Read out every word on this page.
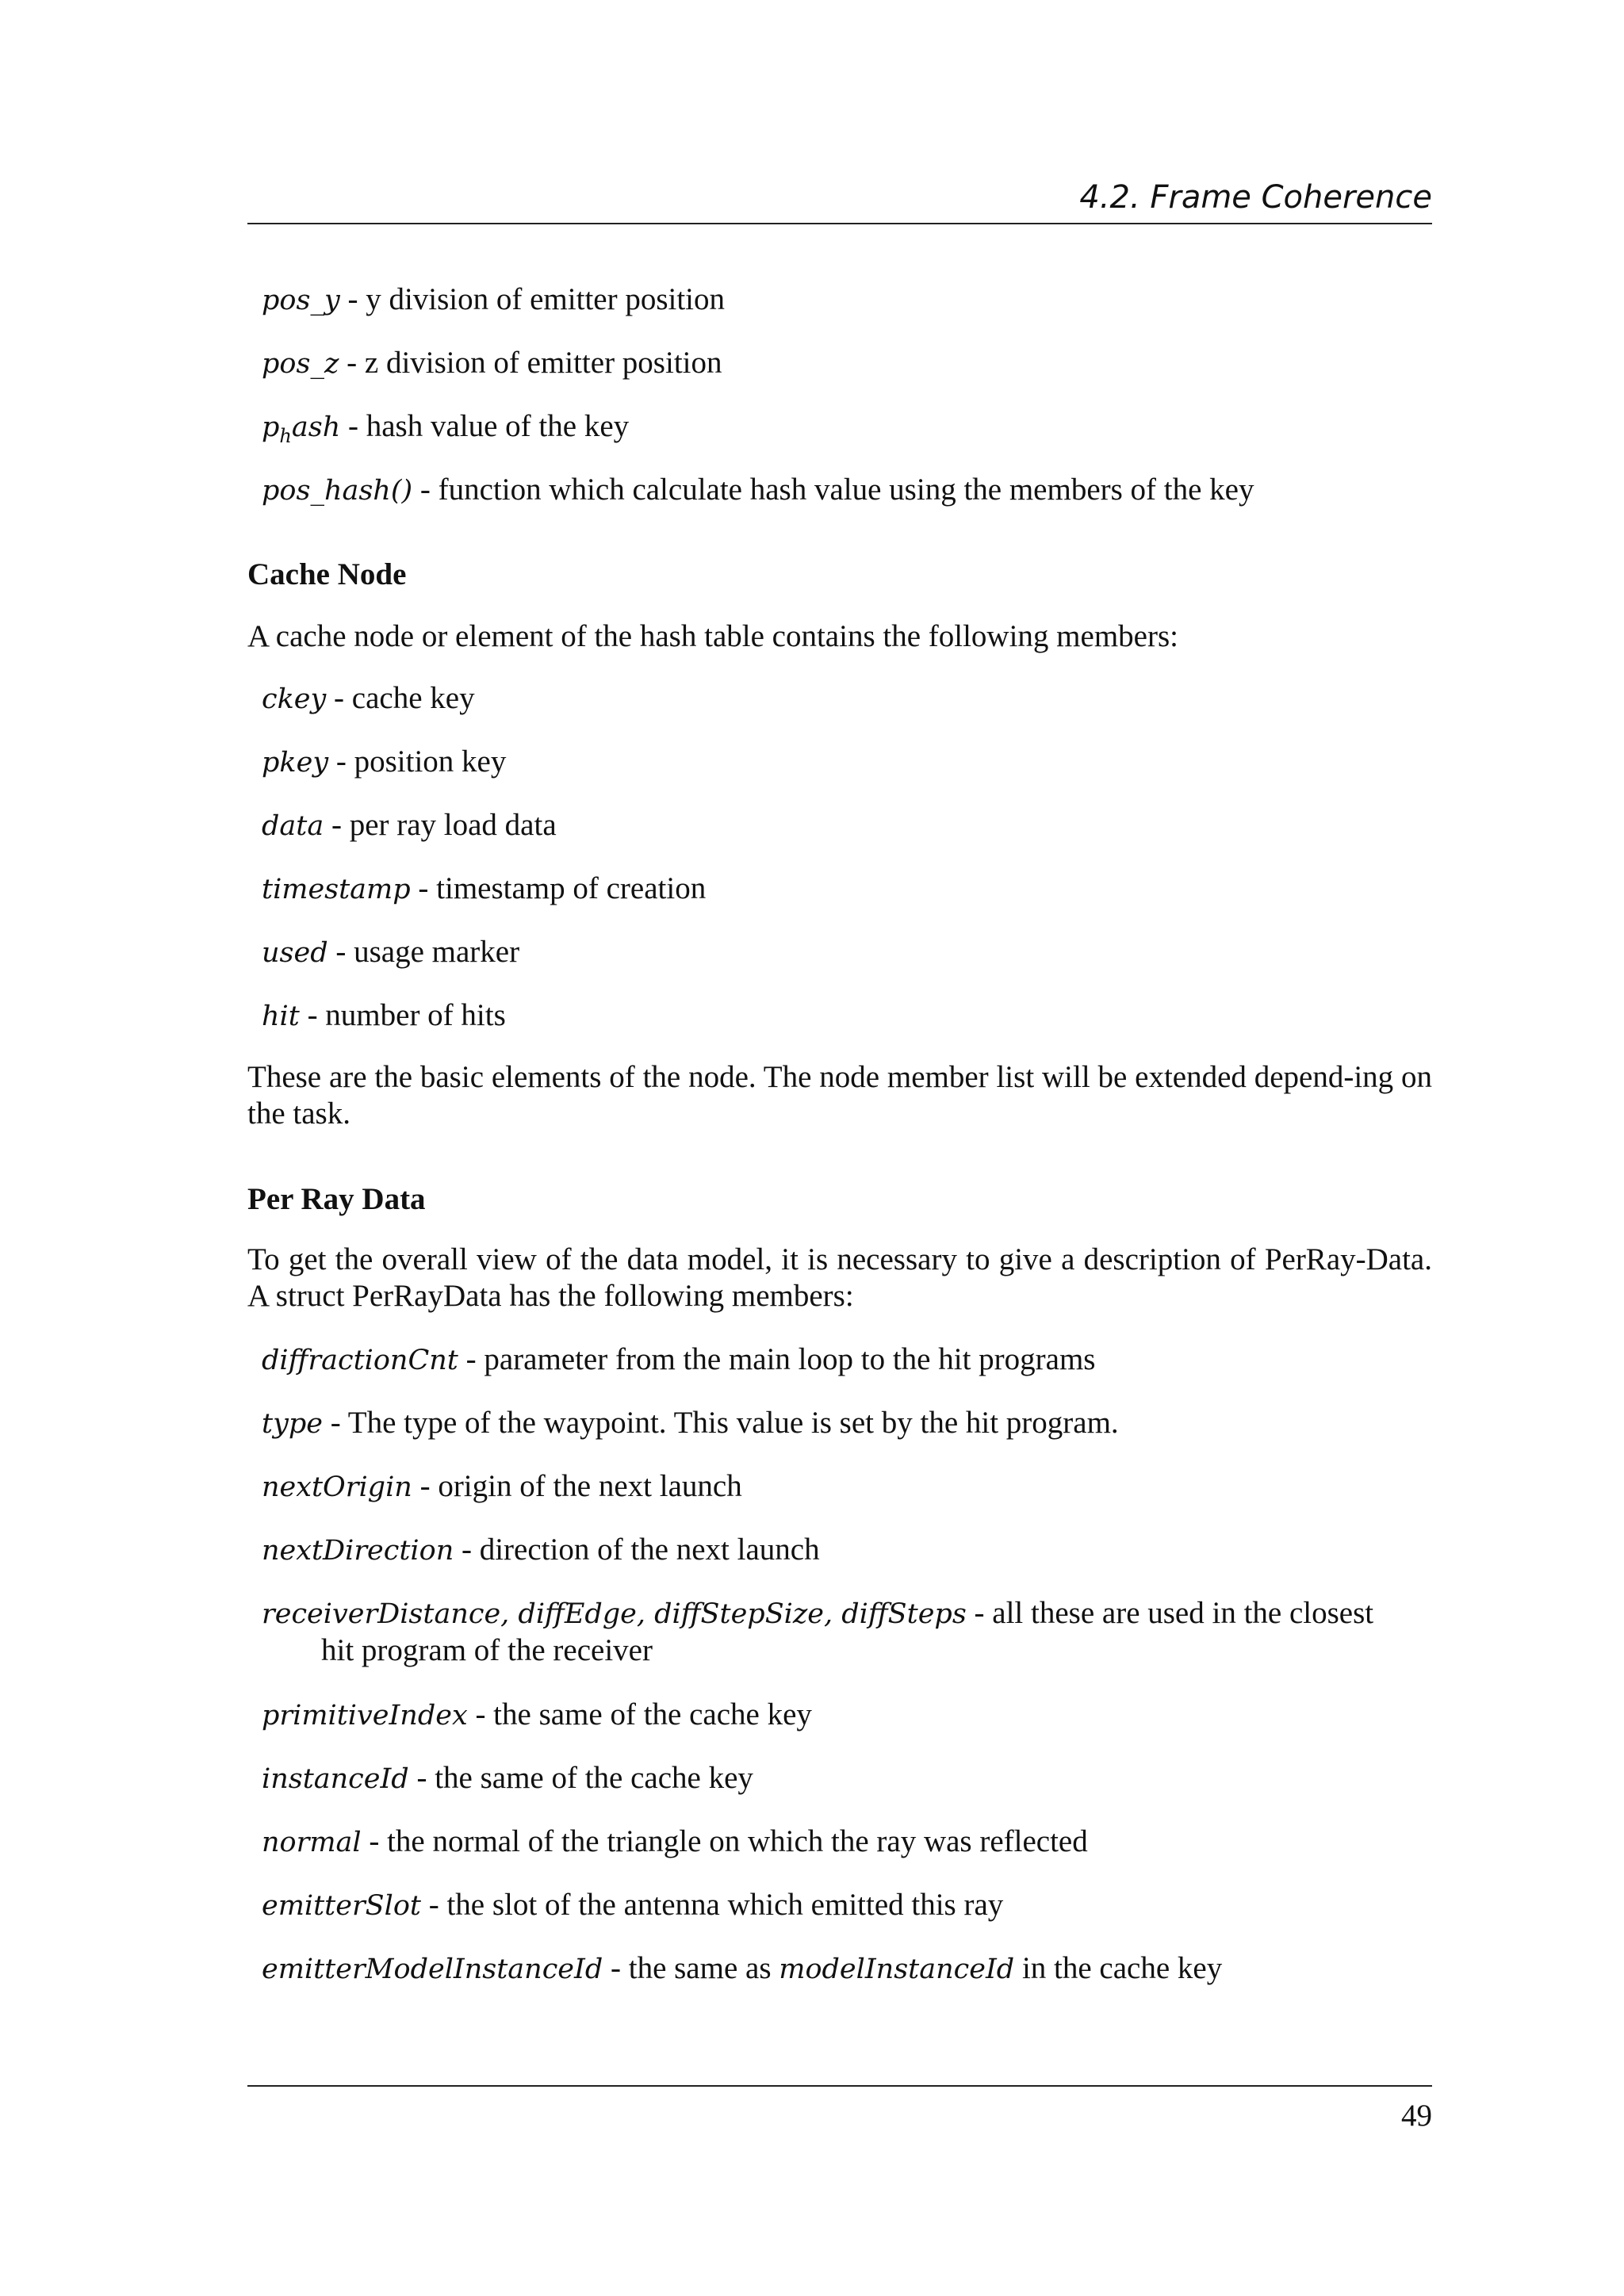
4.2. Frame Coherence
pos_y - y division of emitter position
pos_z - z division of emitter position
$p_hash$ - hash value of the key
pos_hash() - function which calculate hash value using the members of the key
Cache Node
A cache node or element of the hash table contains the following members:
ckey - cache key
pkey - position key
data - per ray load data
timestamp - timestamp of creation
used - usage marker
hit - number of hits
These are the basic elements of the node. The node member list will be extended depend-ing on the task.
Per Ray Data
To get the overall view of the data model, it is necessary to give a description of PerRay-Data. A struct PerRayData has the following members:
diffractionCnt - parameter from the main loop to the hit programs
type - The type of the waypoint. This value is set by the hit program.
nextOrigin - origin of the next launch
nextDirection - direction of the next launch
receiverDistance, diffEdge, diffStepSize, diffSteps - all these are used in the closest
hit program of the receiver
primitiveIndex - the same of the cache key
instanceId - the same of the cache key
normal - the normal of the triangle on which the ray was reflected
emitterSlot - the slot of the antenna which emitted this ray
emitterModelInstanceId - the same as modelInstanceId in the cache key
49
